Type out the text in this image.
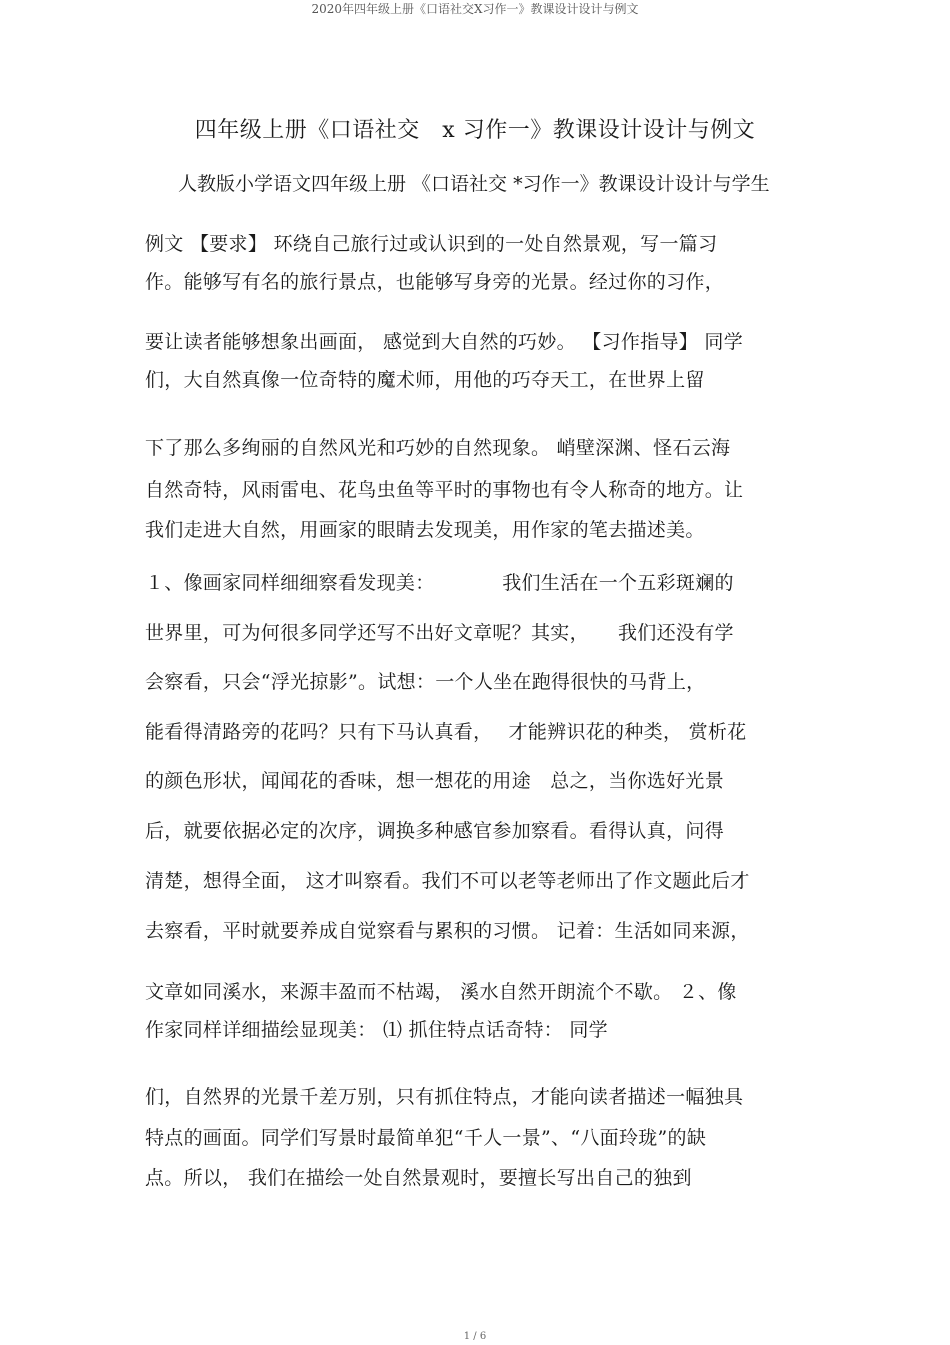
2020年四年级上册《口语社交X习作一》教课设计设计与例文
四年级上册《口语社交　x 习作一》教课设计设计与例文
人教版小学语文四年级上册 《口语社交 *习作一》教课设计设计与学生
例文 【要求】 环绕自己旅行过或认识到的一处自然景观，写一篇习
作。能够写有名的旅行景点，也能够写身旁的光景。经过你的习作，
要让读者能够想象出画面， 感觉到大自然的巧妙。 【习作指导】 同学
们，大自然真像一位奇特的魔术师，用他的巧夺天工，在世界上留
下了那么多绚丽的自然风光和巧妙的自然现象。 峭壁深渊、怪石云海
自然奇特，风雨雷电、花鸟虫鱼等平时的事物也有令人称奇的地方。让
我们走进大自然，用画家的眼睛去发现美，用作家的笔去描述美。
１、像画家同样细细察看发现美：　　　　我们生活在一个五彩斑斓的
世界里，可为何很多同学还写不出好文章呢？其实，　　我们还没有学
会察看，只会“浮光掠影”。试想：一个人坐在跑得很快的马背上，
能看得清路旁的花吗？只有下马认真看，　 才能辨识花的种类， 赏析花
的颜色形状，闻闻花的香味，想一想花的用途　总之，当你选好光景
后，就要依据必定的次序，调换多种感官参加察看。看得认真，问得
清楚，想得全面， 这才叫察看。我们不可以老等老师出了作文题此后才
去察看，平时就要养成自觉察看与累积的习惯。 记着：生活如同来源，
文章如同溪水，来源丰盈而不枯竭， 溪水自然开朗流个不歇。 ２、像
作家同样详细描绘显现美： ⑴ 抓住特点话奇特： 同学
们，自然界的光景千差万别，只有抓住特点，才能向读者描述一幅独具
特点的画面。同学们写景时最简单犯“千人一景”、“八面玲珑”的缺
点。所以， 我们在描绘一处自然景观时，要擅长写出自己的独到
1 / 6
